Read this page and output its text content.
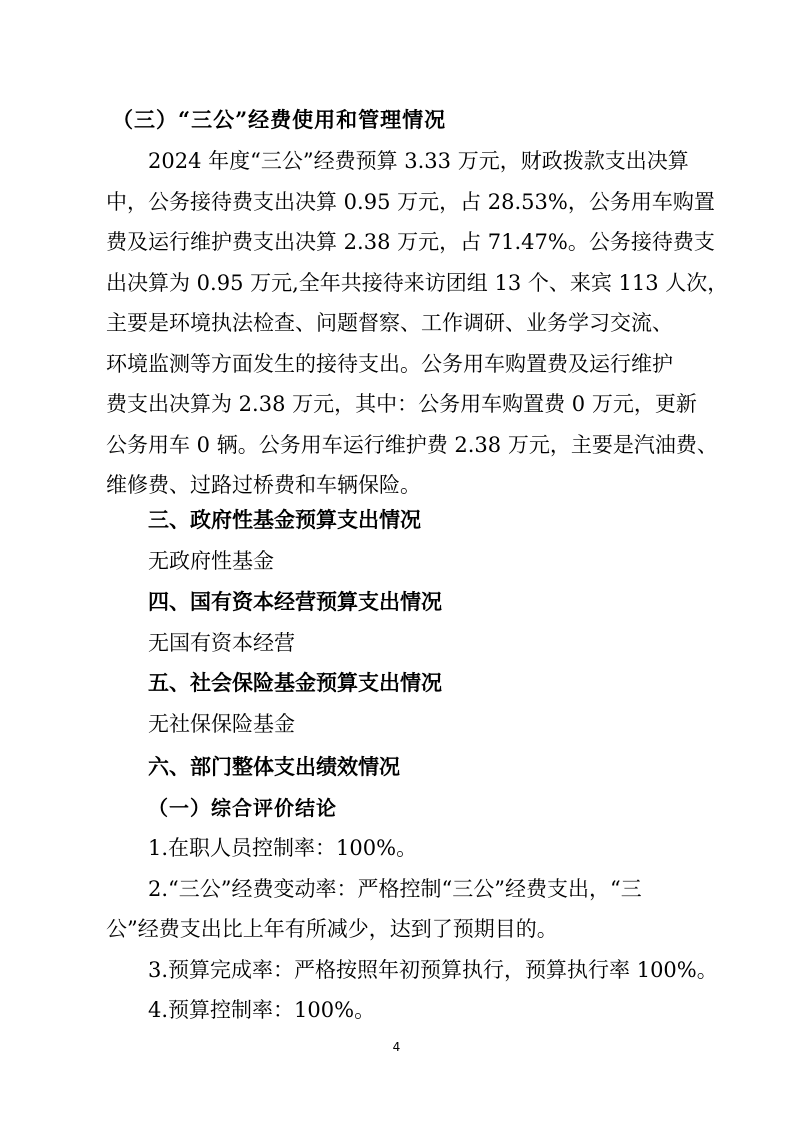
（三）“三公”经费使用和管理情况

2024 年度“三公”经费预算 3.33 万元，财政拨款支出决算
中，公务接待费支出决算 0.95 万元，占 28.53%，公务用车购置
费及运行维护费支出决算 2.38 万元，占 71.47%。公务接待费支
出决算为 0.95 万元,全年共接待来访团组 13 个、来宾 113 人次，
主要是环境执法检查、问题督察、工作调研、业务学习交流、
环境监测等方面发生的接待支出。公务用车购置费及运行维护
费支出决算为 2.38 万元，其中：公务用车购置费 0 万元，更新
公务用车 0 辆。公务用车运行维护费 2.38 万元，主要是汽油费、
维修费、过路过桥费和车辆保险。

三、政府性基金预算支出情况
无政府性基金
四、国有资本经营预算支出情况
无国有资本经营
五、社会保险基金预算支出情况
无社保保险基金
六、部门整体支出绩效情况
（一）综合评价结论
1.在职人员控制率：100%。
2.“三公”经费变动率：严格控制“三公”经费支出，“三
公”经费支出比上年有所减少，达到了预期目的。
3.预算完成率：严格按照年初预算执行，预算执行率 100%。
4.预算控制率：100%。
4
